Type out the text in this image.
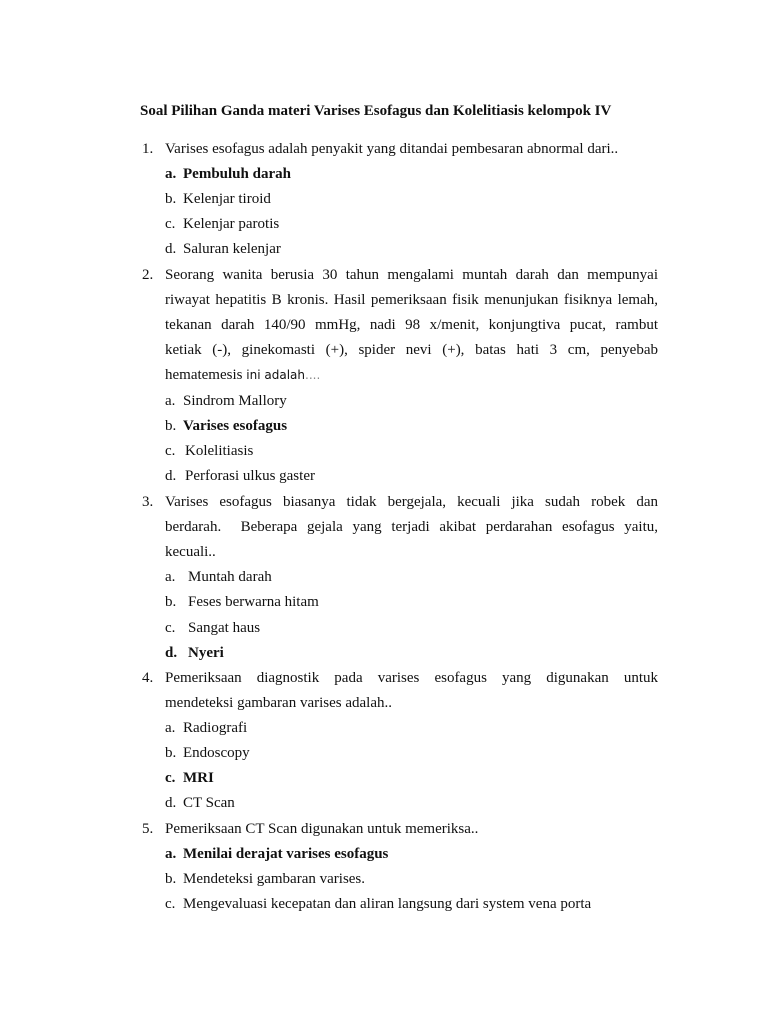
Soal Pilihan Ganda materi Varises Esofagus dan Kolelitiasis kelompok IV
1. Varises esofagus adalah penyakit yang ditandai pembesaran abnormal dari..
a. Pembuluh darah
b. Kelenjar tiroid
c. Kelenjar parotis
d. Saluran kelenjar
2. Seorang wanita berusia 30 tahun mengalami muntah darah dan mempunyai
riwayat hepatitis B kronis. Hasil pemeriksaan fisik menunjukan fisiknya lemah,
tekanan darah 140/90 mmHg, nadi 98 x/menit, konjungtiva pucat, rambut
ketiak (-), ginekomasti (+), spider nevi (+), batas hati 3 cm, penyebab
hematemesis ini adalah....
a. Sindrom Mallory
b. Varises esofagus
c. Kolelitiasis
d. Perforasi ulkus gaster
3. Varises esofagus biasanya tidak bergejala, kecuali jika sudah robek dan
berdarah.  Beberapa gejala yang terjadi akibat perdarahan esofagus yaitu,
kecuali..
a. Muntah darah
b. Feses berwarna hitam
c. Sangat haus
d. Nyeri
4. Pemeriksaan diagnostik pada varises esofagus yang digunakan untuk
mendeteksi gambaran varises adalah..
a. Radiografi
b. Endoscopy
c. MRI
d. CT Scan
5. Pemeriksaan CT Scan digunakan untuk memeriksa..
a. Menilai derajat varises esofagus
b. Mendeteksi gambaran varises.
c. Mengevaluasi kecepatan dan aliran langsung dari system vena porta
